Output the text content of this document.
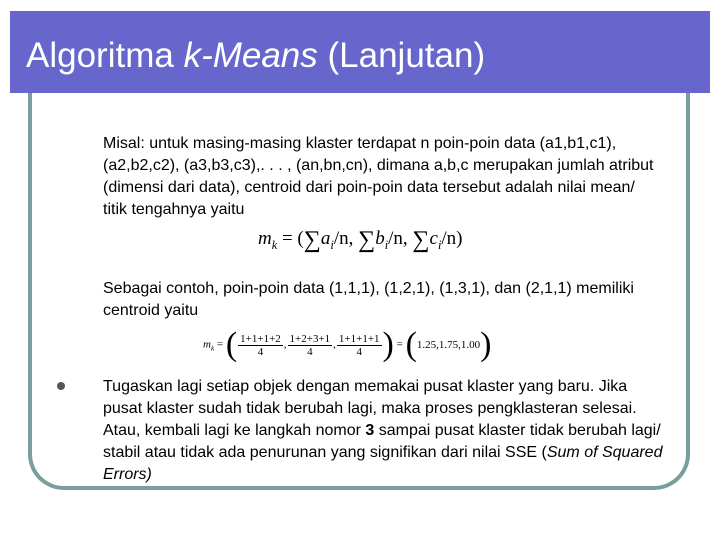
Algoritma k-Means (Lanjutan)

Misal: untuk masing-masing klaster terdapat n poin-poin data (a1,b1,c1), (a2,b2,c2), (a3,b3,c3),. . . , (an,bn,cn), dimana a,b,c merupakan jumlah atribut (dimensi dari data), centroid dari poin-poin data tersebut adalah nilai mean/ titik tengahnya yaitu

$m_k = (\sum a_i/n$, $\sum b_i/n$, $\sum c_i/n$)

Sebagai contoh, poin-poin data (1,1,1), (1,2,1), (1,3,1), dan (2,1,1) memiliki centroid yaitu

$m_k$ = ( $\frac{1+1+1+2}{4}$ , $\frac{1+2+3+1}{4}$ , $\frac{1+1+1+1}{4}$ ) = (1.25,1.75,1.00)

Tugaskan lagi setiap objek dengan memakai pusat klaster yang baru. Jika pusat klaster sudah tidak berubah lagi, maka proses pengklasteran selesai. Atau, kembali lagi ke langkah nomor 3 sampai pusat klaster tidak berubah lagi/ stabil atau tidak ada penurunan yang signifikan dari nilai SSE (Sum of Squared Errors)
